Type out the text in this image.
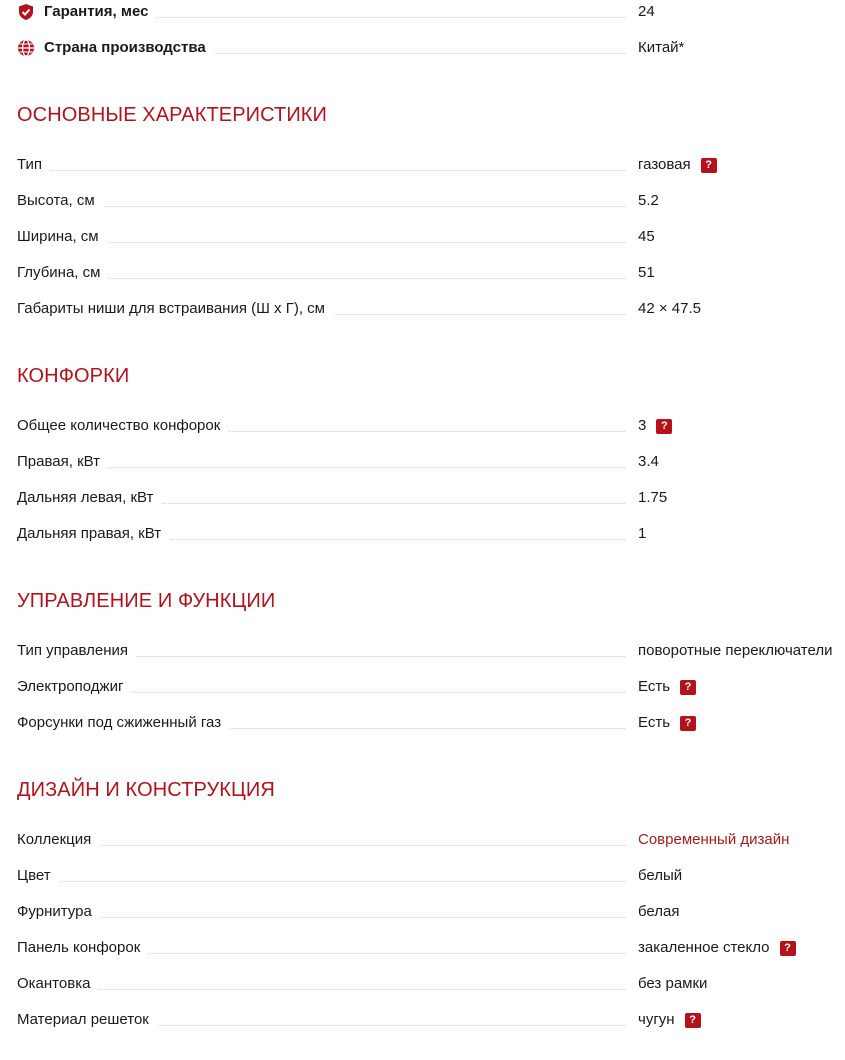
Гарантия, мес	24
Страна производства	Китай*
ОСНОВНЫЕ ХАРАКТЕРИСТИКИ
Тип	газовая	?
Высота, см	5.2
Ширина, см	45
Глубина, см	51
Габариты ниши для встраивания (Ш х Г), см	42 × 47.5
КОНФОРКИ
Общее количество конфорок	3	?
Правая, кВт	3.4
Дальняя левая, кВт	1.75
Дальняя правая, кВт	1
УПРАВЛЕНИЕ И ФУНКЦИИ
Тип управления	поворотные переключатели
Электроподжиг	Есть	?
Форсунки под сжиженный газ	Есть	?
ДИЗАЙН И КОНСТРУКЦИЯ
Коллекция	Современный дизайн
Цвет	белый
Фурнитура	белая
Панель конфорок	закаленное стекло	?
Окантовка	без рамки
Материал решеток	чугун	?
